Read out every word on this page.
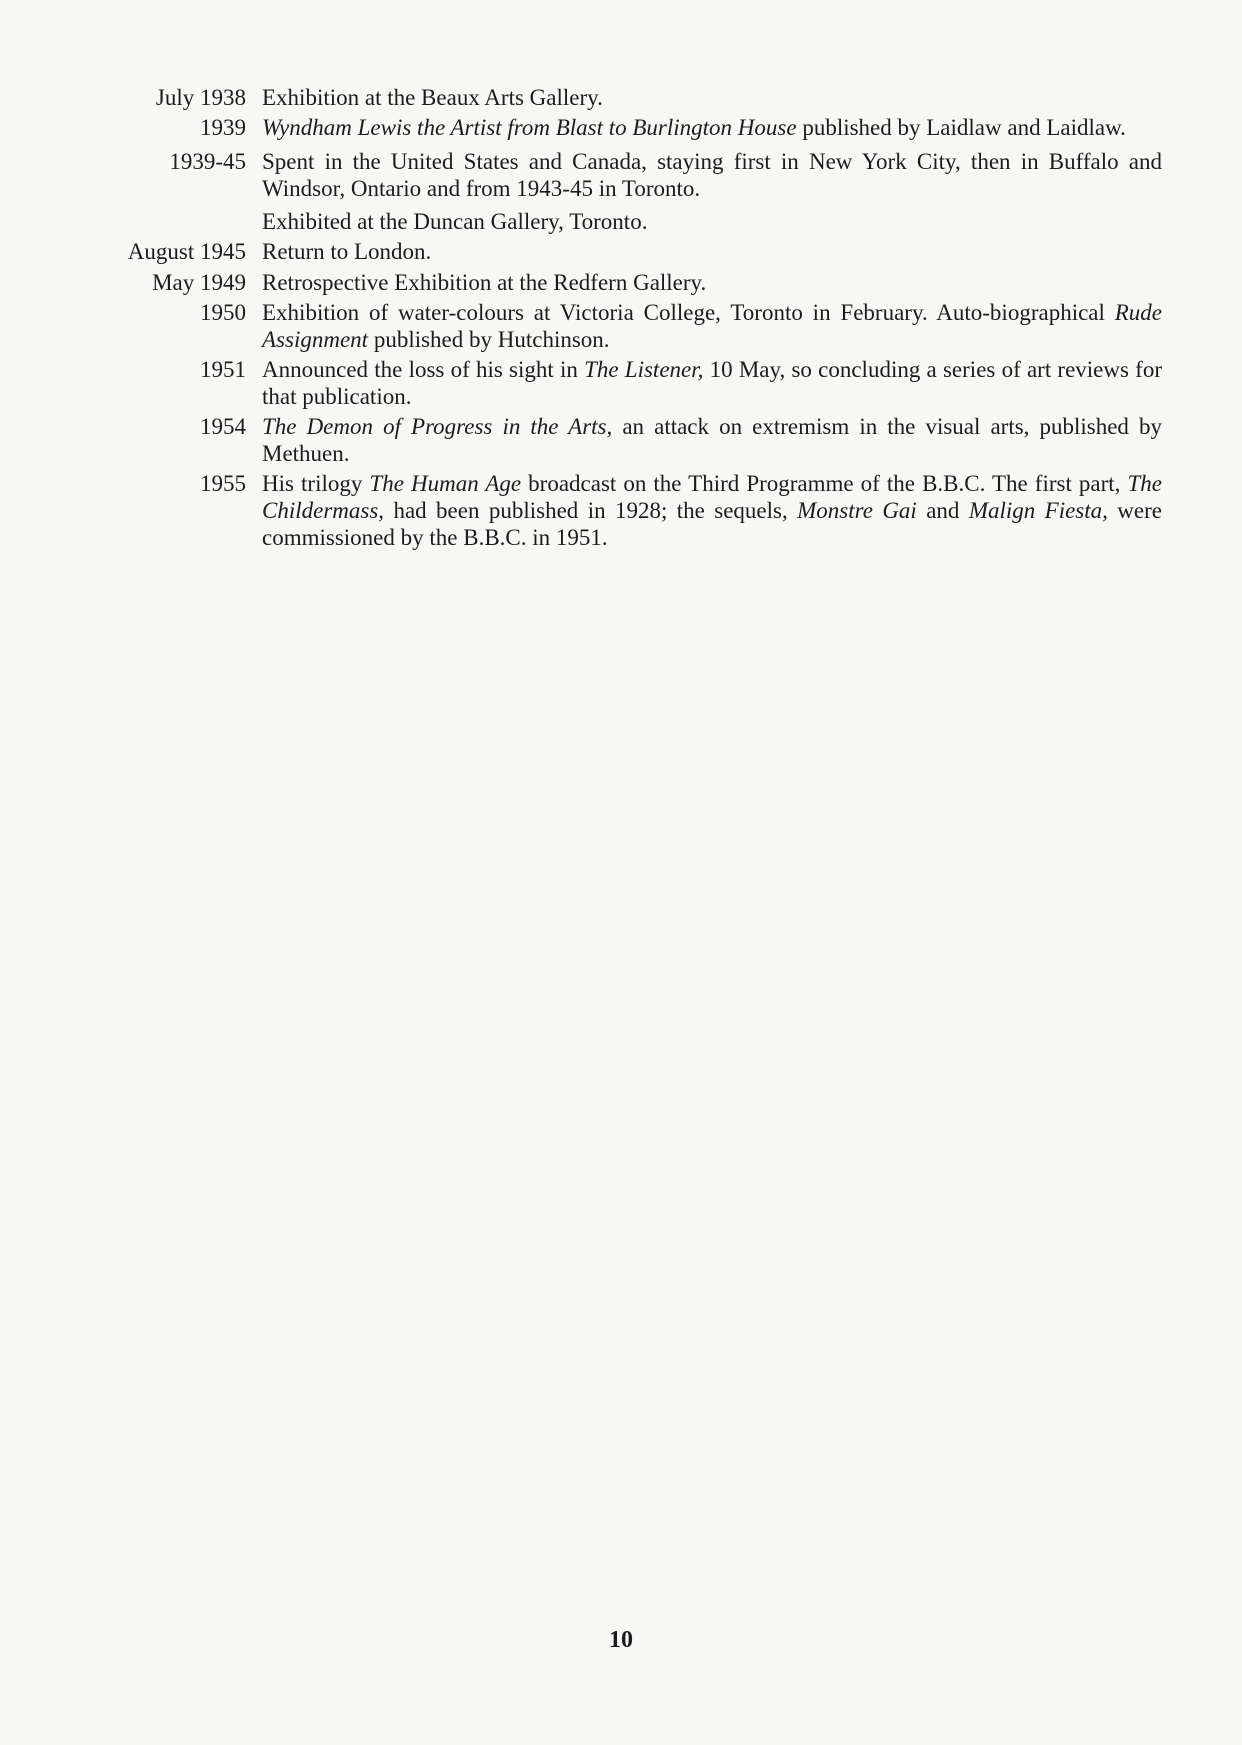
July 1938 Exhibition at the Beaux Arts Gallery.
1939 Wyndham Lewis the Artist from Blast to Burlington House published by Laidlaw and Laidlaw.
1939-45 Spent in the United States and Canada, staying first in New York City, then in Buffalo and Windsor, Ontario and from 1943-45 in Toronto.
Exhibited at the Duncan Gallery, Toronto.
August 1945 Return to London.
May 1949 Retrospective Exhibition at the Redfern Gallery.
1950 Exhibition of water-colours at Victoria College, Toronto in February. Auto-biographical Rude Assignment published by Hutchinson.
1951 Announced the loss of his sight in The Listener, 10 May, so concluding a series of art reviews for that publication.
1954 The Demon of Progress in the Arts, an attack on extremism in the visual arts, published by Methuen.
1955 His trilogy The Human Age broadcast on the Third Programme of the B.B.C. The first part, The Childermass, had been published in 1928; the sequels, Monstre Gai and Malign Fiesta, were commissioned by the B.B.C. in 1951.
10
